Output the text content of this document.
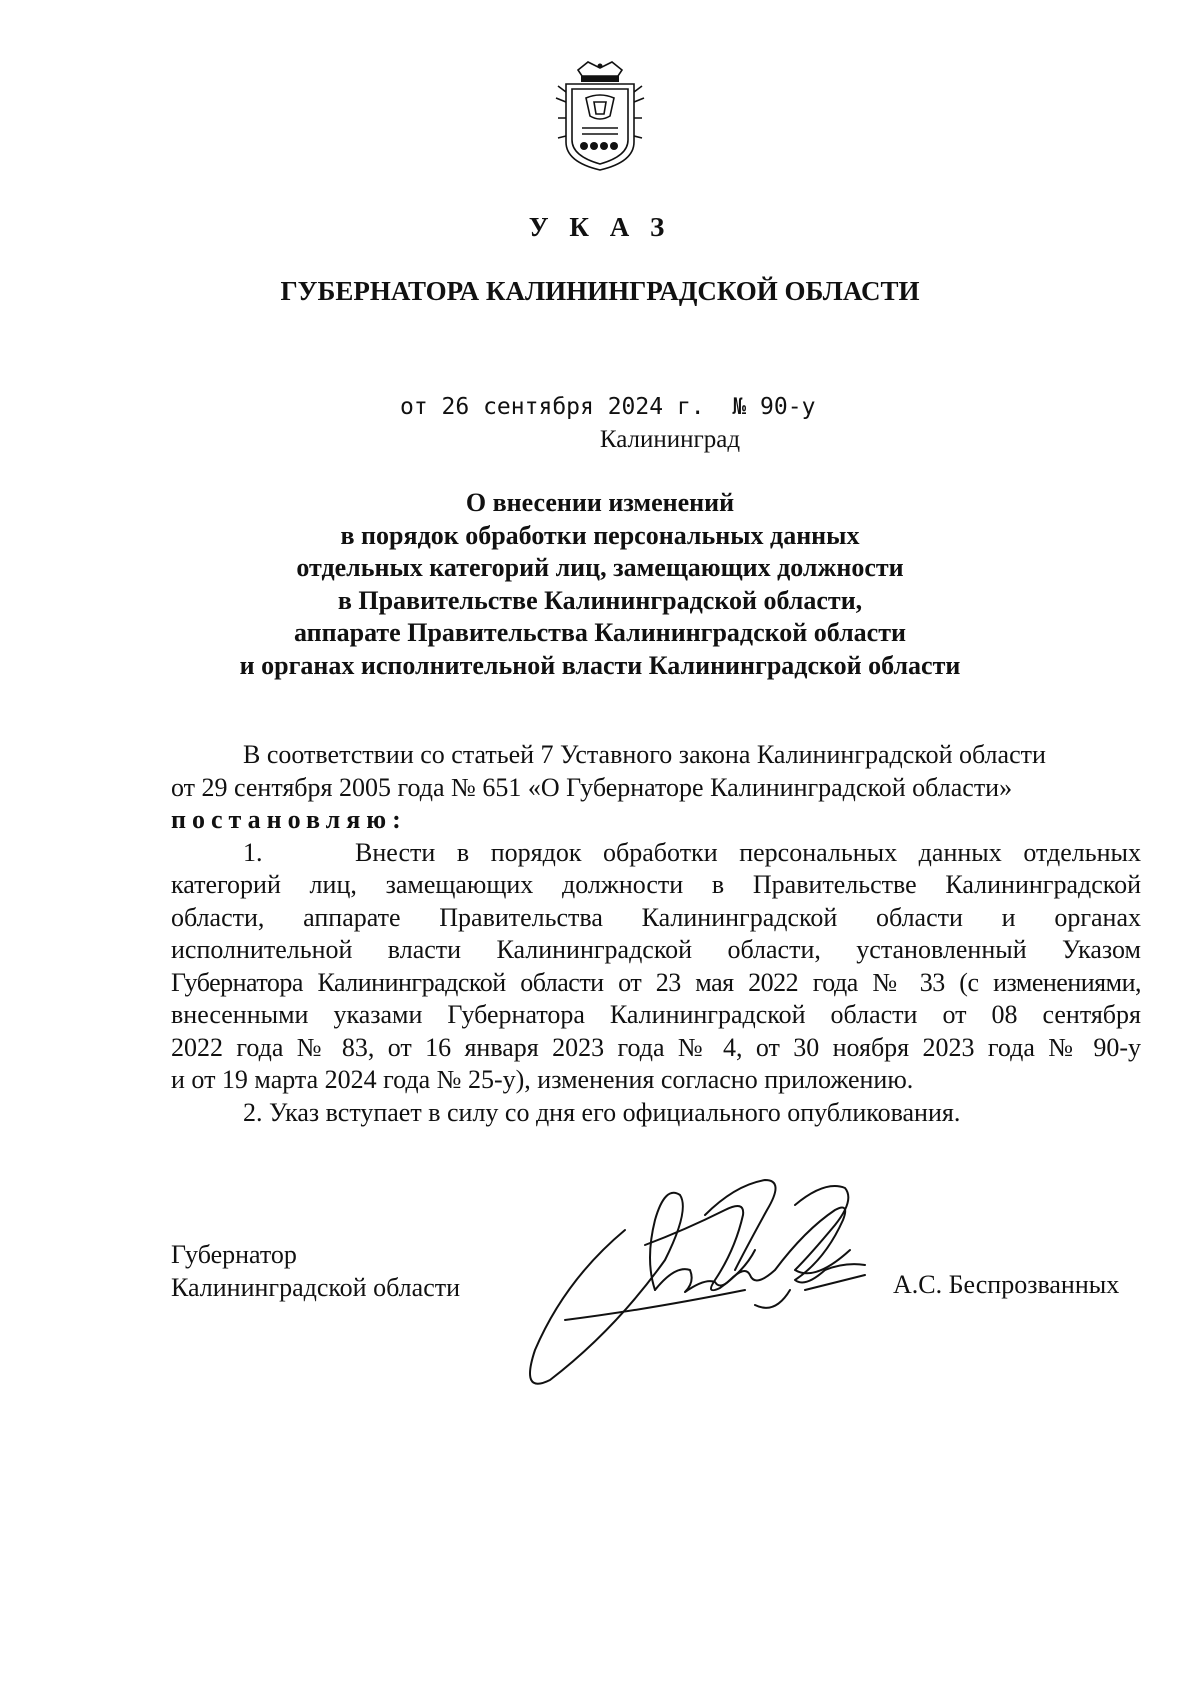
У К А З
ГУБЕРНАТОРА КАЛИНИНГРАДСКОЙ ОБЛАСТИ
от 26 сентября 2024 г.  № 90-у
Калининград
О внесении изменений
в порядок обработки персональных данных
отдельных категорий лиц, замещающих должности
в Правительстве Калининградской области,
аппарате Правительства Калининградской области
и органах исполнительной власти Калининградской области
В соответствии со статьей 7 Уставного закона Калининградской области
от 29 сентября 2005 года № 651 «О Губернаторе Калининградской области»
постановляю:
1.	Внести в порядок обработки персональных данных отдельных
категорий лиц, замещающих должности в Правительстве Калининградской
области, аппарате Правительства Калининградской области и органах
исполнительной власти Калининградской области, установленный Указом
Губернатора Калининградской области от 23 мая 2022 года № 33 (с изменениями,
внесенными указами Губернатора Калининградской области от 08 сентября
2022 года № 83, от 16 января 2023 года № 4, от 30 ноября 2023 года № 90-у
и от 19 марта 2024 года № 25-у), изменения согласно приложению.
2. Указ вступает в силу со дня его официального опубликования.
Губернатор
Калининградской области	А.С. Беспрозванных
